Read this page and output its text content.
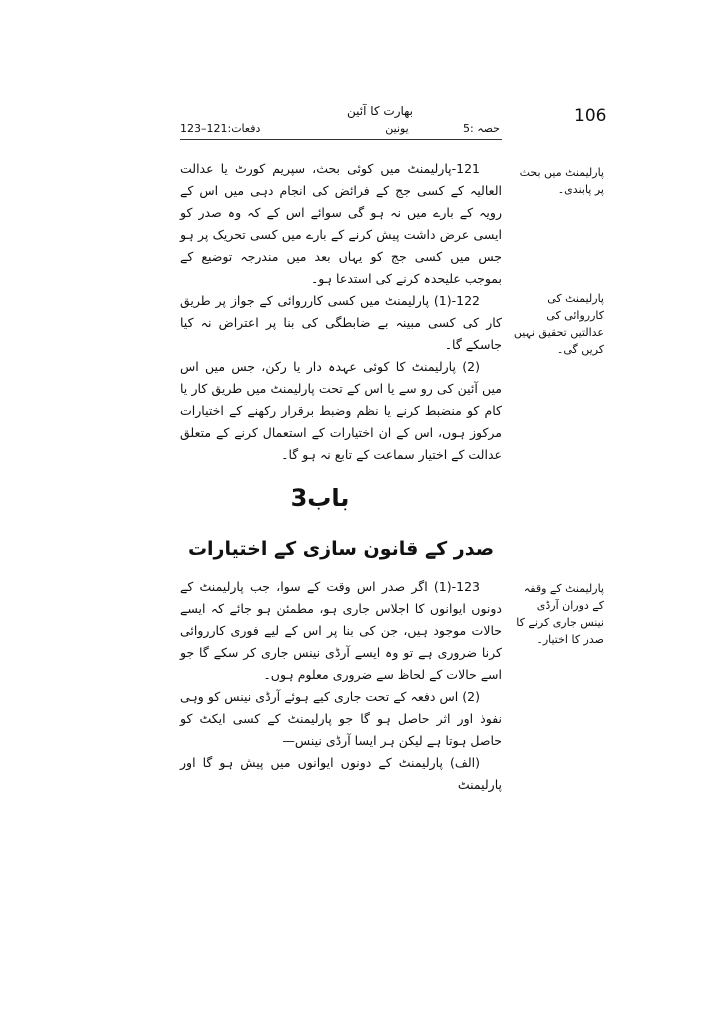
106
بھارت کا آئین
یونین	حصہ :5
دفعات:121–123
پارلیمنٹ میں بحث پر پابندی۔
پارلیمنٹ کی کارروائی کی عدالتیں تحقیق نہیں کریں گی۔
پارلیمنٹ کے وقفہ کے دوران آرڈی نینس جاری کرنے کا صدر کا اختیار۔

121-پارلیمنٹ میں کوئی بحث، سپریم کورٹ یا عدالت العالیہ کے کسی جج کے فرائض کی انجام دہی میں اس کے رویہ کے بارے میں نہ ہو گی سوائے اس کے کہ وہ صدر کو ایسی عرض داشت پیش کرنے کے بارے میں کسی تحریک پر ہو جس میں کسی جج کو یہاں بعد میں مندرجہ توضیع کے بموجب علیحدہ کرنے کی استدعا ہو۔

122-(1) پارلیمنٹ میں کسی کارروائی کے جواز پر طریق کار کی کسی مبینہ بے ضابطگی کی بنا پر اعتراض نہ کیا جاسکے گا۔

(2) پارلیمنٹ کا کوئی عہدہ دار یا رکن، جس میں اس میں آئین کی رو سے یا اس کے تحت پارلیمنٹ میں طریق کار یا کام کو منضبط کرنے یا نظم وضبط برقرار رکھنے کے اختیارات مرکوز ہوں، اس کے ان اختیارات کے استعمال کرنے کے متعلق عدالت کے اختیار سماعت کے تابع نہ ہو گا۔

باب3
صدر کے قانون سازی کے اختیارات

123-(1) اگر صدر اس وقت کے سوا، جب پارلیمنٹ کے دونوں ایوانوں کا اجلاس جاری ہو، مطمئن ہو جائے کہ ایسے حالات موجود ہیں، جن کی بنا پر اس کے لیے فوری کارروائی کرنا ضروری ہے تو وہ ایسے آرڈی نینس جاری کر سکے گا جو اسے حالات کے لحاظ سے ضروری معلوم ہوں۔

(2) اس دفعہ کے تحت جاری کیے ہوئے آرڈی نینس کو وہی نفوذ اور اثر حاصل ہو گا جو پارلیمنٹ کے کسی ایکٹ کو حاصل ہوتا ہے لیکن ہر ایسا آرڈی نینس—

(الف) پارلیمنٹ کے دونوں ایوانوں میں پیش ہو گا اور پارلیمنٹ
